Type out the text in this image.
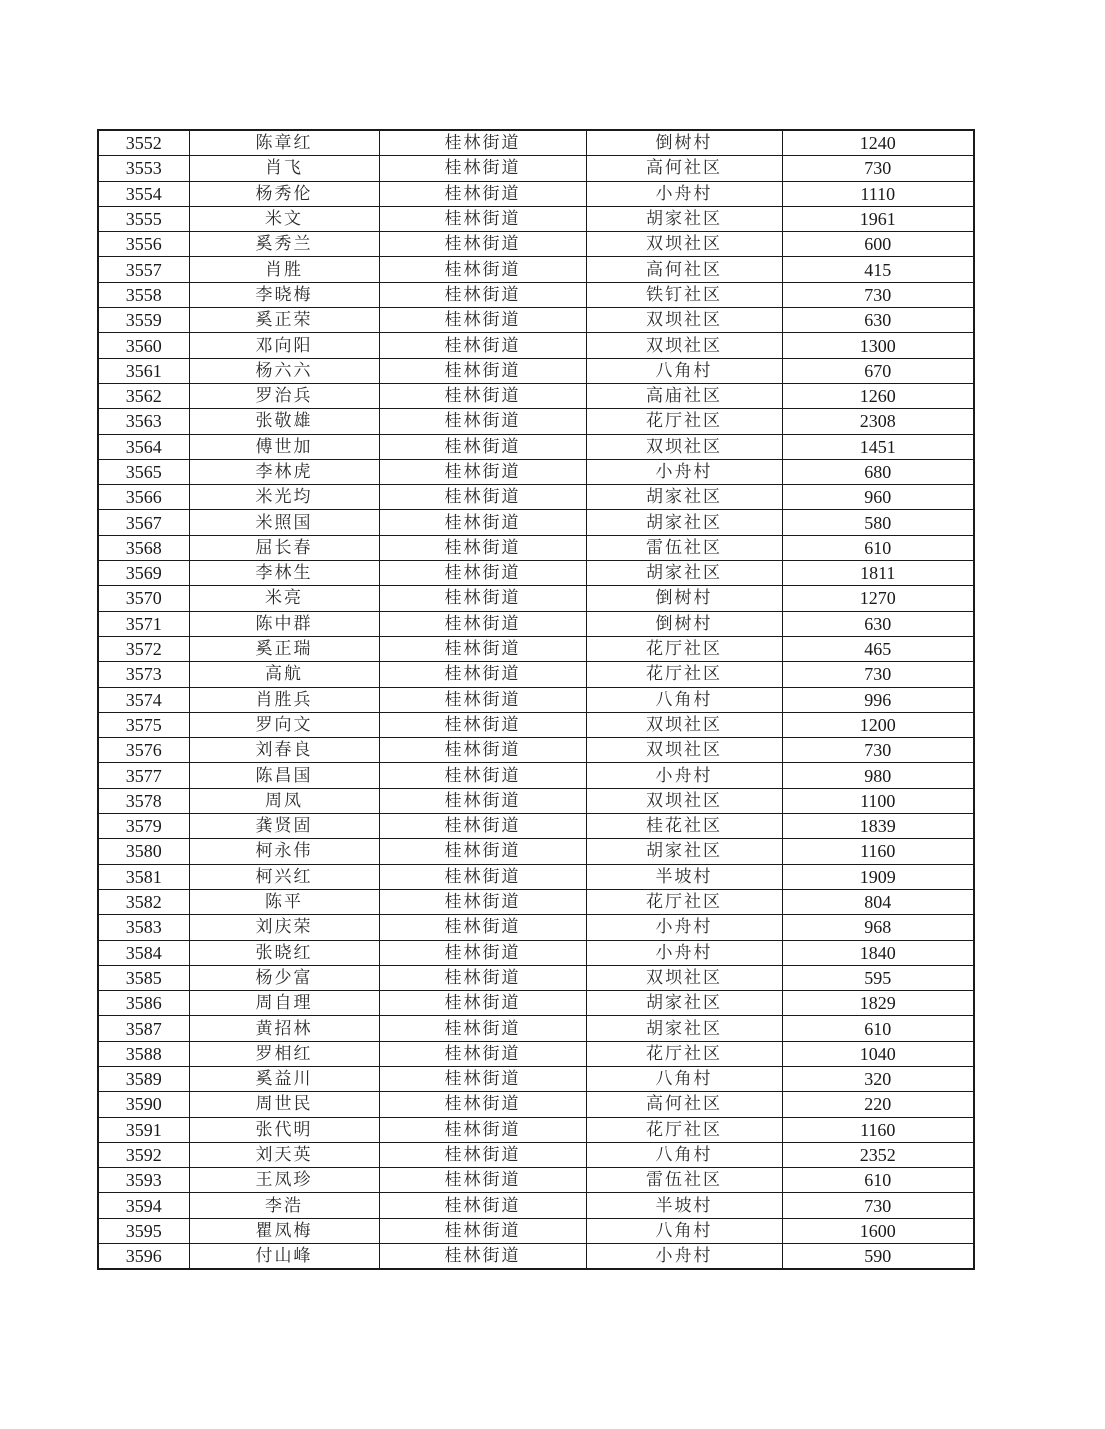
3552	陈章红	桂林街道	倒树村	1240
3553	肖飞	桂林街道	高何社区	730
3554	杨秀伦	桂林街道	小舟村	1110
3555	米文	桂林街道	胡家社区	1961
3556	奚秀兰	桂林街道	双坝社区	600
3557	肖胜	桂林街道	高何社区	415
3558	李晓梅	桂林街道	铁钉社区	730
3559	奚正荣	桂林街道	双坝社区	630
3560	邓向阳	桂林街道	双坝社区	1300
3561	杨六六	桂林街道	八角村	670
3562	罗治兵	桂林街道	高庙社区	1260
3563	张敬雄	桂林街道	花厅社区	2308
3564	傅世加	桂林街道	双坝社区	1451
3565	李林虎	桂林街道	小舟村	680
3566	米光均	桂林街道	胡家社区	960
3567	米照国	桂林街道	胡家社区	580
3568	屈长春	桂林街道	雷伍社区	610
3569	李林生	桂林街道	胡家社区	1811
3570	米亮	桂林街道	倒树村	1270
3571	陈中群	桂林街道	倒树村	630
3572	奚正瑞	桂林街道	花厅社区	465
3573	高航	桂林街道	花厅社区	730
3574	肖胜兵	桂林街道	八角村	996
3575	罗向文	桂林街道	双坝社区	1200
3576	刘春良	桂林街道	双坝社区	730
3577	陈昌国	桂林街道	小舟村	980
3578	周凤	桂林街道	双坝社区	1100
3579	龚贤固	桂林街道	桂花社区	1839
3580	柯永伟	桂林街道	胡家社区	1160
3581	柯兴红	桂林街道	半坡村	1909
3582	陈平	桂林街道	花厅社区	804
3583	刘庆荣	桂林街道	小舟村	968
3584	张晓红	桂林街道	小舟村	1840
3585	杨少富	桂林街道	双坝社区	595
3586	周自理	桂林街道	胡家社区	1829
3587	黄招林	桂林街道	胡家社区	610
3588	罗相红	桂林街道	花厅社区	1040
3589	奚益川	桂林街道	八角村	320
3590	周世民	桂林街道	高何社区	220
3591	张代明	桂林街道	花厅社区	1160
3592	刘天英	桂林街道	八角村	2352
3593	王凤珍	桂林街道	雷伍社区	610
3594	李浩	桂林街道	半坡村	730
3595	瞿凤梅	桂林街道	八角村	1600
3596	付山峰	桂林街道	小舟村	590
